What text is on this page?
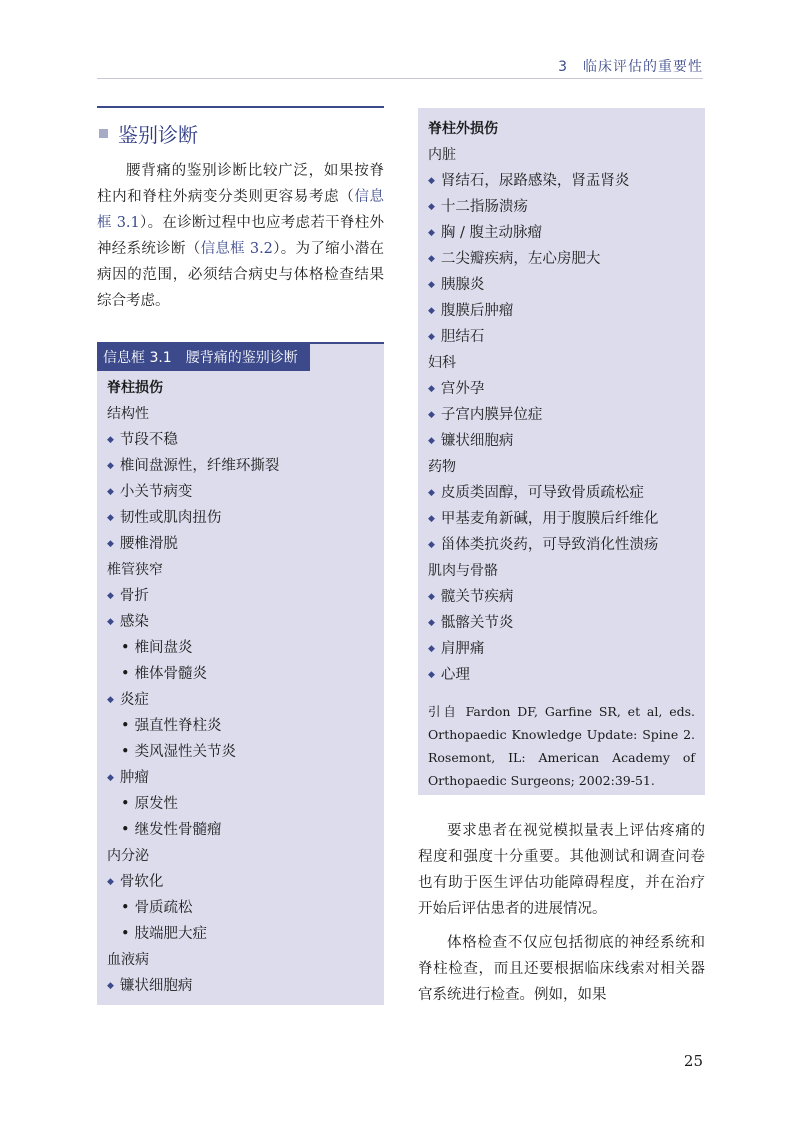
3　临床评估的重要性
鉴别诊断

腰背痛的鉴别诊断比较广泛，如果按脊柱内和脊柱外病变分类则更容易考虑（信息框 3.1）。在诊断过程中也应考虑若干脊柱外神经系统诊断（信息框 3.2）。为了缩小潜在病因的范围，必须结合病史与体格检查结果综合考虑。

信息框 3.1 腰背痛的鉴别诊断
脊柱损伤
结构性
◆ 节段不稳
◆ 椎间盘源性，纤维环撕裂
◆ 小关节病变
◆ 韧性或肌肉扭伤
◆ 腰椎滑脱
椎管狭窄
◆ 骨折
◆ 感染
• 椎间盘炎
• 椎体骨髓炎
◆ 炎症
• 强直性脊柱炎
• 类风湿性关节炎
◆ 肿瘤
• 原发性
• 继发性骨髓瘤
内分泌
◆ 骨软化
• 骨质疏松
• 肢端肥大症
血液病
◆ 镰状细胞病
脊柱外损伤
内脏
◆ 肾结石，尿路感染，肾盂肾炎
◆ 十二指肠溃疡
◆ 胸 / 腹主动脉瘤
◆ 二尖瓣疾病，左心房肥大
◆ 胰腺炎
◆ 腹膜后肿瘤
◆ 胆结石
妇科
◆ 宫外孕
◆ 子宫内膜异位症
◆ 镰状细胞病
药物
◆ 皮质类固醇，可导致骨质疏松症
◆ 甲基麦角新碱，用于腹膜后纤维化
◆ 甾体类抗炎药，可导致消化性溃疡
肌肉与骨骼
◆ 髋关节疾病
◆ 骶髂关节炎
◆ 肩胛痛
◆ 心理
引自 Fardon DF, Garfine SR, et al, eds. Orthopaedic Knowledge Update: Spine 2. Rosemont, IL: American Academy of Orthopaedic Surgeons; 2002:39-51.

要求患者在视觉模拟量表上评估疼痛的程度和强度十分重要。其他测试和调查问卷也有助于医生评估功能障碍程度，并在治疗开始后评估患者的进展情况。

体格检查不仅应包括彻底的神经系统和脊柱检查，而且还要根据临床线索对相关器官系统进行检查。例如，如果

25
